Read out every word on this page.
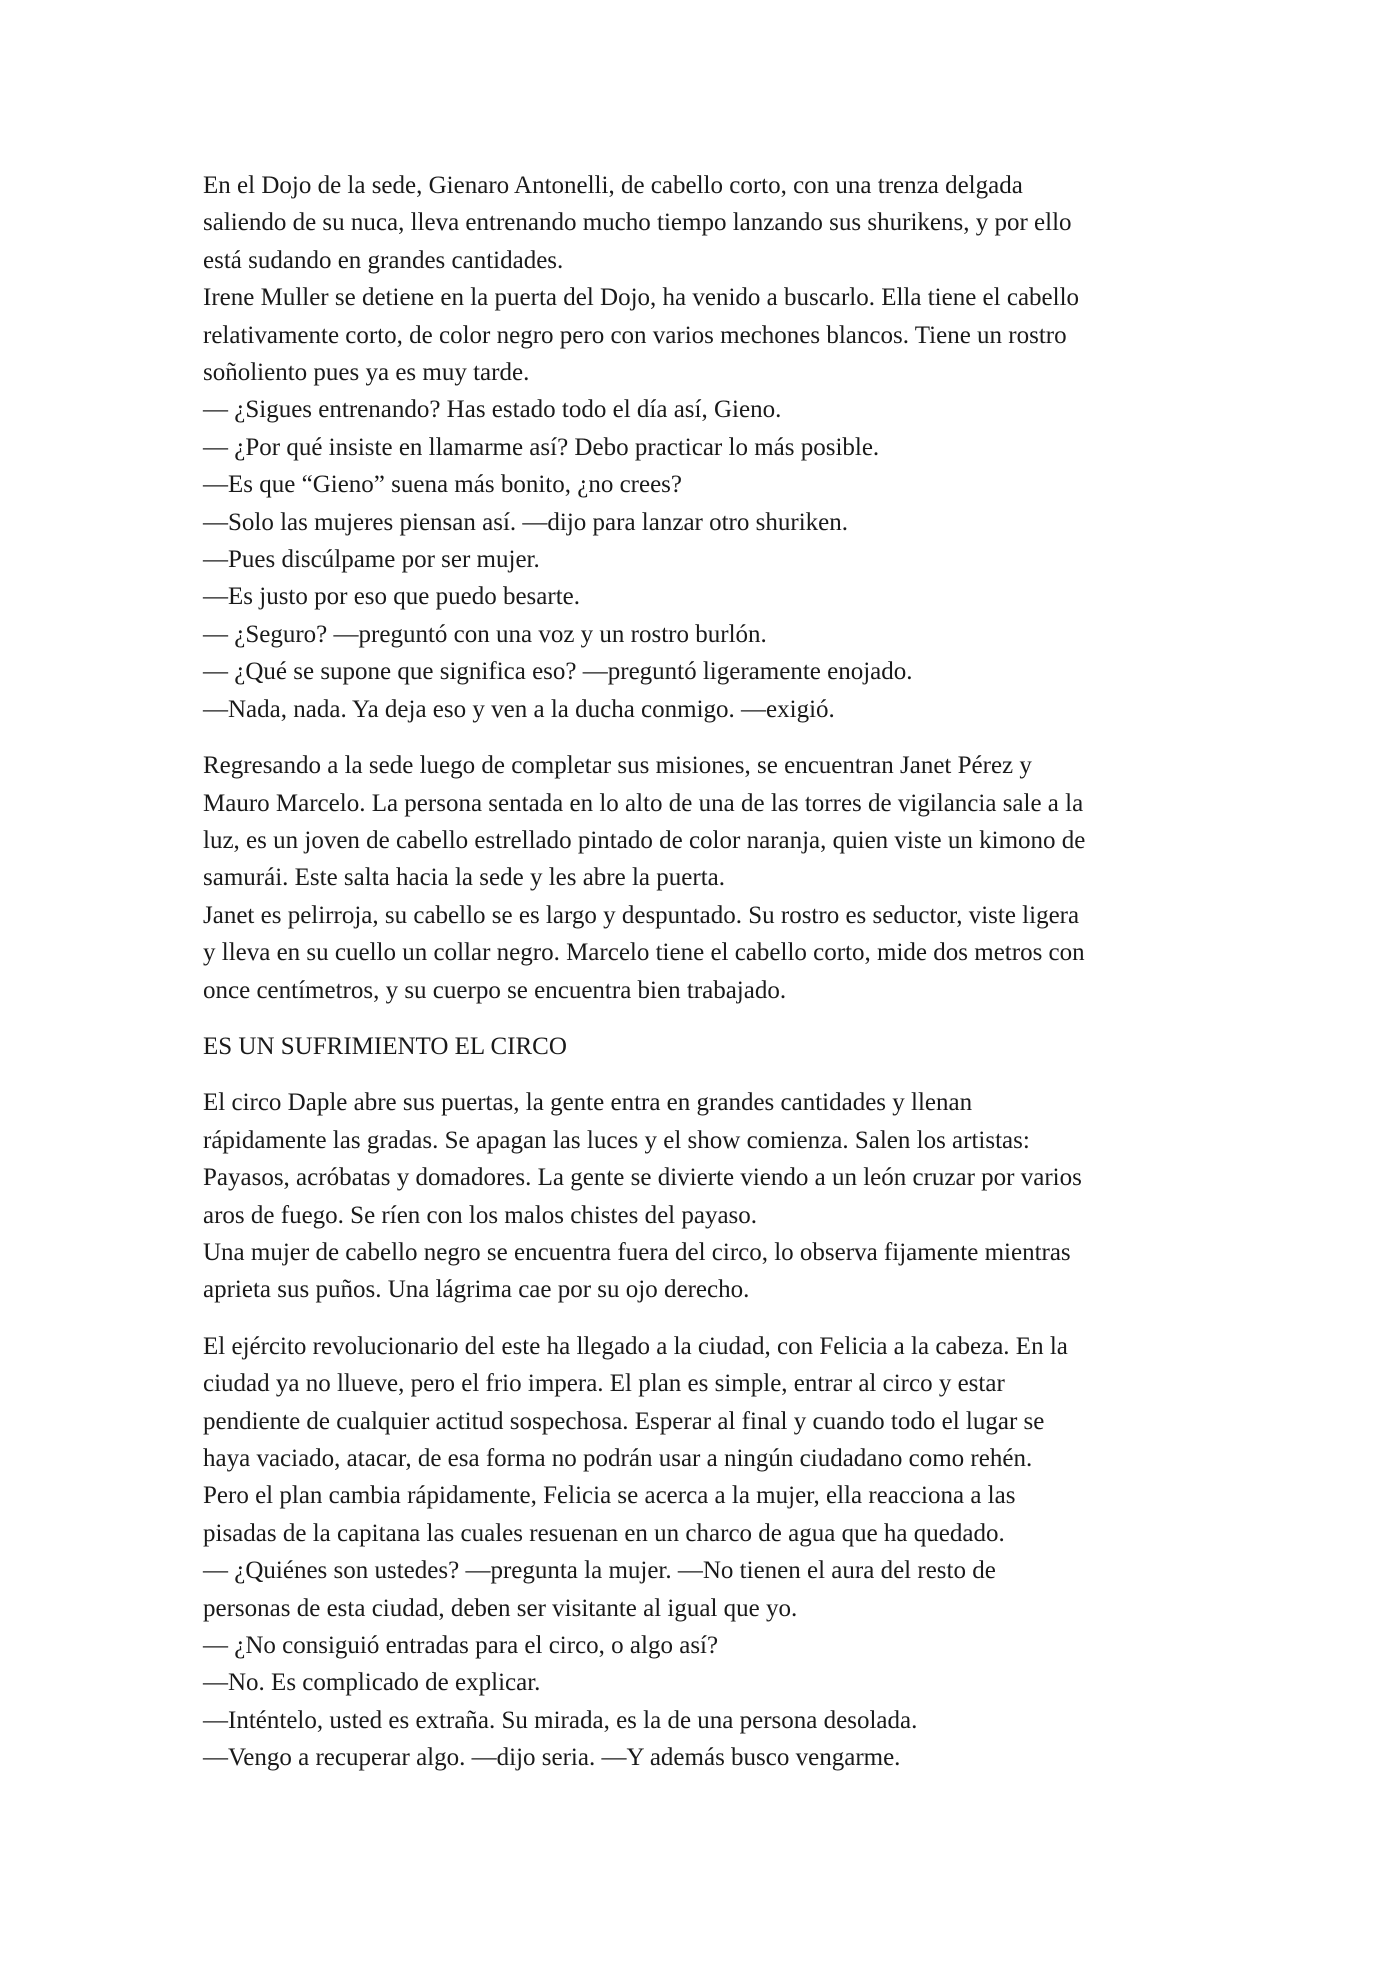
En el Dojo de la sede, Gienaro Antonelli, de cabello corto, con una trenza delgada
saliendo de su nuca, lleva entrenando mucho tiempo lanzando sus shurikens, y por ello
está sudando en grandes cantidades.
Irene Muller se detiene en la puerta del Dojo, ha venido a buscarlo. Ella tiene el cabello
relativamente corto, de color negro pero con varios mechones blancos. Tiene un rostro
soñoliento pues ya es muy tarde.
— ¿Sigues entrenando? Has estado todo el día así, Gieno.
— ¿Por qué insiste en llamarme así? Debo practicar lo más posible.
—Es que “Gieno” suena más bonito, ¿no crees?
—Solo las mujeres piensan así. —dijo para lanzar otro shuriken.
—Pues discúlpame por ser mujer.
—Es justo por eso que puedo besarte.
— ¿Seguro? —preguntó con una voz y un rostro burlón.
— ¿Qué se supone que significa eso? —preguntó ligeramente enojado.
—Nada, nada. Ya deja eso y ven a la ducha conmigo. —exigió.

Regresando a la sede luego de completar sus misiones, se encuentran Janet Pérez y
Mauro Marcelo. La persona sentada en lo alto de una de las torres de vigilancia sale a la
luz, es un joven de cabello estrellado pintado de color naranja, quien viste un kimono de
samurái. Este salta hacia la sede y les abre la puerta.
Janet es pelirroja, su cabello se es largo y despuntado. Su rostro es seductor, viste ligera
y lleva en su cuello un collar negro. Marcelo tiene el cabello corto, mide dos metros con
once centímetros, y su cuerpo se encuentra bien trabajado.

ES UN SUFRIMIENTO EL CIRCO

El circo Daple abre sus puertas, la gente entra en grandes cantidades y llenan
rápidamente las gradas. Se apagan las luces y el show comienza. Salen los artistas:
Payasos, acróbatas y domadores. La gente se divierte viendo a un león cruzar por varios
aros de fuego. Se ríen con los malos chistes del payaso.
Una mujer de cabello negro se encuentra fuera del circo, lo observa fijamente mientras
aprieta sus puños. Una lágrima cae por su ojo derecho.

El ejército revolucionario del este ha llegado a la ciudad, con Felicia a la cabeza. En la
ciudad ya no llueve, pero el frio impera. El plan es simple, entrar al circo y estar
pendiente de cualquier actitud sospechosa. Esperar al final y cuando todo el lugar se
haya vaciado, atacar, de esa forma no podrán usar a ningún ciudadano como rehén.
Pero el plan cambia rápidamente, Felicia se acerca a la mujer, ella reacciona a las
pisadas de la capitana las cuales resuenan en un charco de agua que ha quedado.
— ¿Quiénes son ustedes? —pregunta la mujer. —No tienen el aura del resto de
personas de esta ciudad, deben ser visitante al igual que yo.
— ¿No consiguió entradas para el circo, o algo así?
—No. Es complicado de explicar.
—Inténtelo, usted es extraña. Su mirada, es la de una persona desolada.
—Vengo a recuperar algo. —dijo seria. —Y además busco vengarme.
